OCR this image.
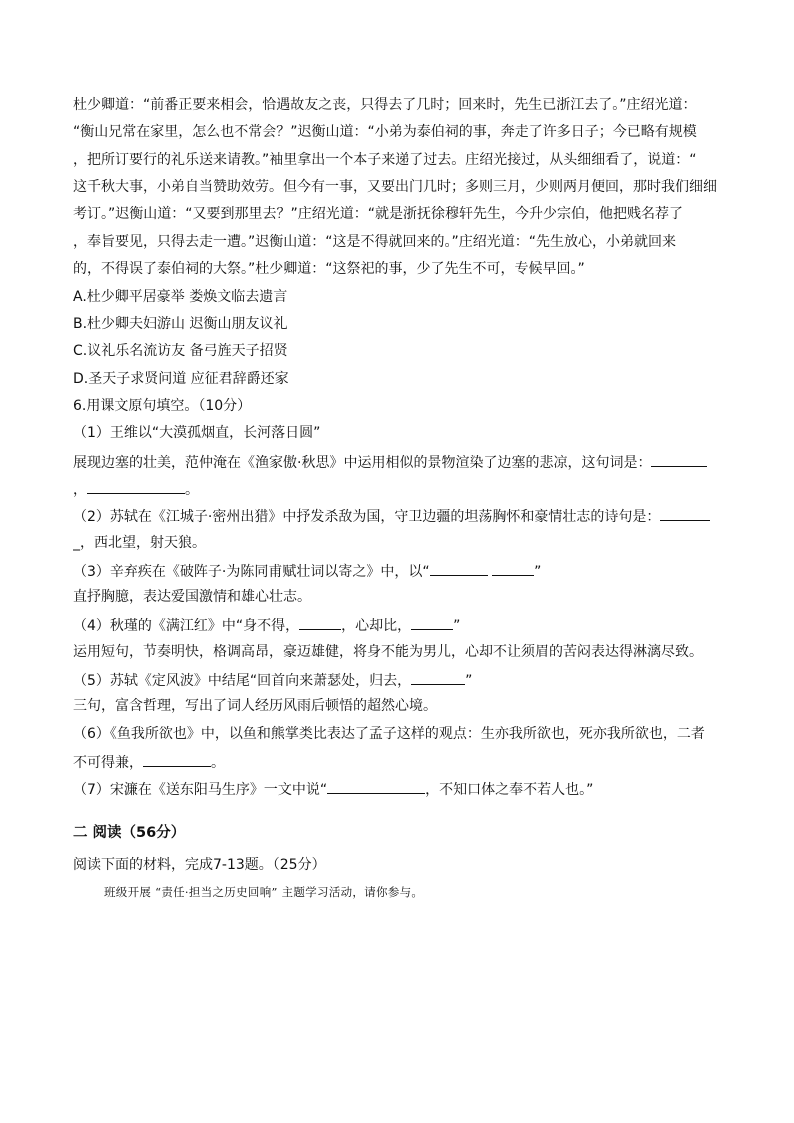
杜少卿道：“前番正要来相会，恰遇故友之丧，只得去了几时；回来时，先生已浙江去了。”庄绍光道：
“衡山兄常在家里，怎么也不常会？”迟衡山道：“小弟为泰伯祠的事，奔走了许多日子；今已略有规模
，把所订要行的礼乐送来请教。”袖里拿出一个本子来递了过去。庄绍光接过，从头细细看了，说道：“
这千秋大事，小弟自当赞助效劳。但今有一事，又要出门几时；多则三月，少则两月便回，那时我们细细
考订。”迟衡山道：“又要到那里去？”庄绍光道：“就是浙抚徐穆轩先生，今升少宗伯，他把贱名荐了
，奉旨要见，只得去走一遭。”迟衡山道：“这是不得就回来的。”庄绍光道：“先生放心，小弟就回来
的，不得误了泰伯祠的大祭。”杜少卿道：“这祭祀的事，少了先生不可，专候早回。”
A.杜少卿平居豪举 娄焕文临去遗言
B.杜少卿夫妇游山 迟衡山朋友议礼
C.议礼乐名流访友 备弓旌天子招贤
D.圣天子求贤问道 应征君辞爵还家
6.用课文原句填空。（10分）
（1）王维以“大漠孤烟直，长河落日圆”
展现边塞的壮美，范仲淹在《渔家傲·秋思》中运用相似的景物渲染了边塞的悲凉，这句词是：
，	。
（2）苏轼在《江城子·密州出猎》中抒发杀敌为国，守卫边疆的坦荡胸怀和豪情壮志的诗句是：
_，西北望，射天狼。
（3）辛弃疾在《破阵子·为陈同甫赋壮词以寄之》中，以“	”
直抒胸臆，表达爱国激情和雄心壮志。
（4）秋瑾的《满江红》中“身不得，	，心却比，	”
运用短句，节奏明快，格调高昂，豪迈雄健，将身不能为男儿，心却不让须眉的苦闷表达得淋漓尽致。
（5）苏轼《定风波》中结尾“回首向来萧瑟处，归去，	”
三句，富含哲理，写出了词人经历风雨后顿悟的超然心境。
（6）《鱼我所欲也》中，以鱼和熊掌类比表达了孟子这样的观点：生亦我所欲也，死亦我所欲也，二者
不可得兼，	。
（7）宋濂在《送东阳马生序》一文中说“	，不知口体之奉不若人也。”
二 阅读（56分）
阅读下面的材料，完成7-13题。（25分）
班级开展 “责任·担当之历史回响” 主题学习活动，请你参与。
